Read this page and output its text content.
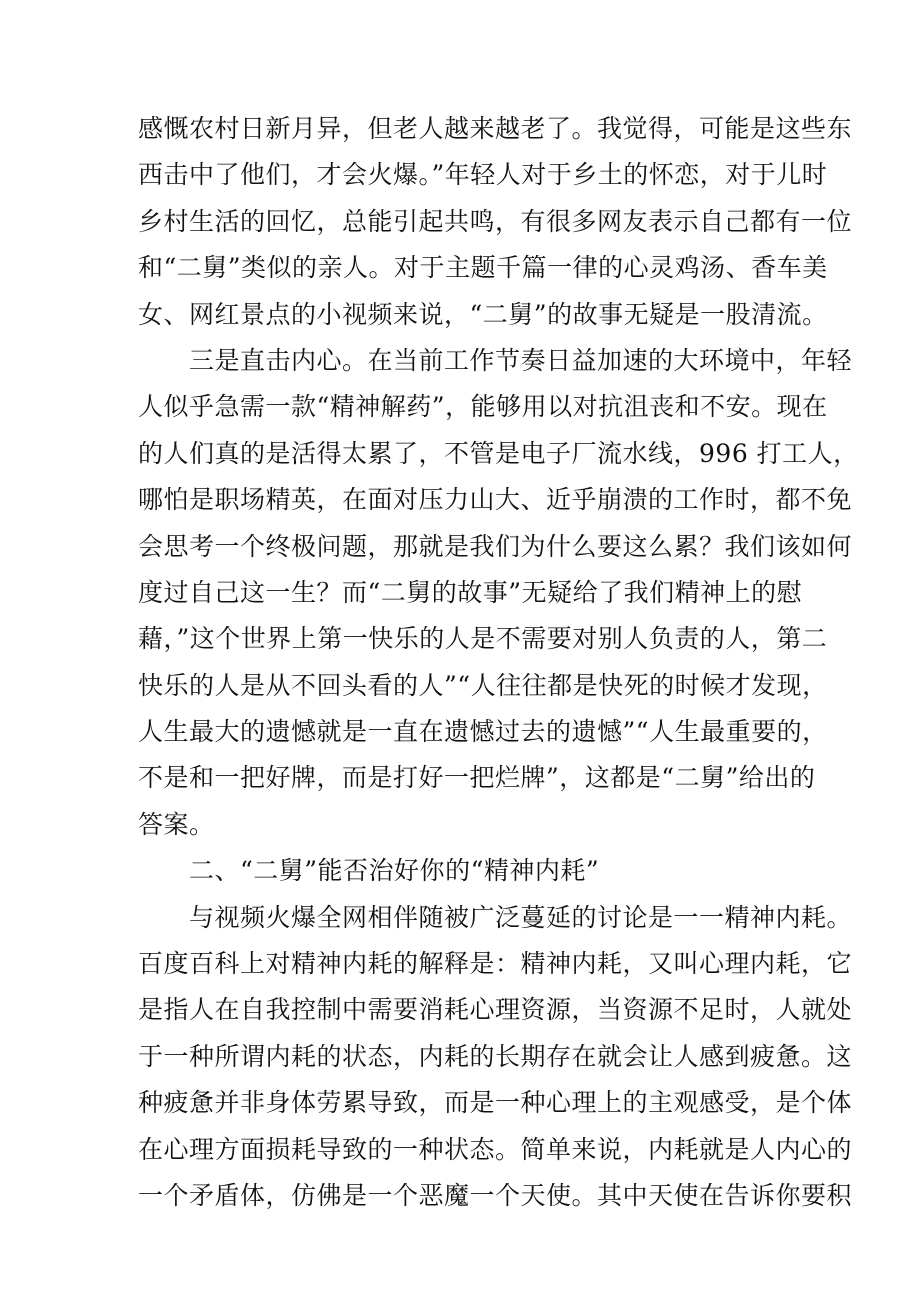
感慨农村日新月异，但老人越来越老了。我觉得，可能是这些东
西击中了他们，才会火爆。”年轻人对于乡土的怀恋，对于儿时
乡村生活的回忆，总能引起共鸣，有很多网友表示自己都有一位
和“二舅”类似的亲人。对于主题千篇一律的心灵鸡汤、香车美
女、网红景点的小视频来说，“二舅”的故事无疑是一股清流。
　　三是直击内心。在当前工作节奏日益加速的大环境中，年轻
人似乎急需一款“精神解药”，能够用以对抗沮丧和不安。现在
的人们真的是活得太累了，不管是电子厂流水线，996 打工人，
哪怕是职场精英，在面对压力山大、近乎崩溃的工作时，都不免
会思考一个终极问题，那就是我们为什么要这么累？我们该如何
度过自己这一生？而“二舅的故事”无疑给了我们精神上的慰
藉，”这个世界上第一快乐的人是不需要对别人负责的人，第二
快乐的人是从不回头看的人”“人往往都是快死的时候才发现，
人生最大的遗憾就是一直在遗憾过去的遗憾”“人生最重要的，
不是和一把好牌，而是打好一把烂牌”，这都是“二舅”给出的
答案。
　　二、“二舅”能否治好你的“精神内耗”
　　与视频火爆全网相伴随被广泛蔓延的讨论是一一精神内耗。
百度百科上对精神内耗的解释是：精神内耗，又叫心理内耗，它
是指人在自我控制中需要消耗心理资源，当资源不足时，人就处
于一种所谓内耗的状态，内耗的长期存在就会让人感到疲惫。这
种疲惫并非身体劳累导致，而是一种心理上的主观感受，是个体
在心理方面损耗导致的一种状态。简单来说，内耗就是人内心的
一个矛盾体，仿佛是一个恶魔一个天使。其中天使在告诉你要积
